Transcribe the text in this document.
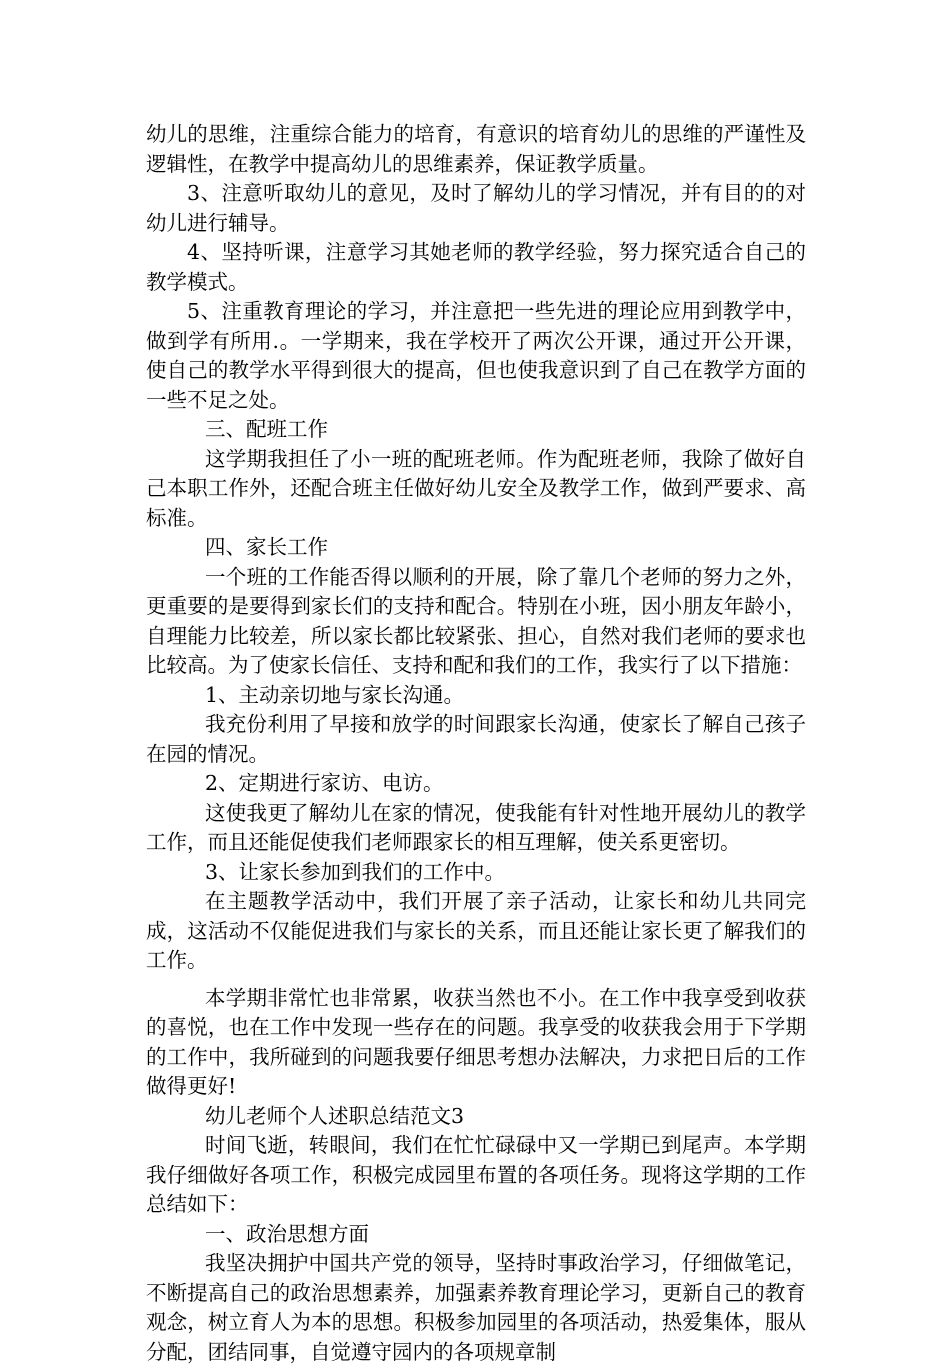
幼儿的思维，注重综合能力的培育，有意识的培育幼儿的思维的严谨性及逻辑性，在教学中提高幼儿的思维素养，保证教学质量。

3、注意听取幼儿的意见，及时了解幼儿的学习情况，并有目的的对幼儿进行辅导。

4、坚持听课，注意学习其她老师的教学经验，努力探究适合自己的教学模式。

5、注重教育理论的学习，并注意把一些先进的理论应用到教学中，做到学有所用.。一学期来，我在学校开了两次公开课，通过开公开课，使自己的教学水平得到很大的提高，但也使我意识到了自己在教学方面的一些不足之处。

三、配班工作

这学期我担任了小一班的配班老师。作为配班老师，我除了做好自己本职工作外，还配合班主任做好幼儿安全及教学工作，做到严要求、高标准。

四、家长工作

一个班的工作能否得以顺利的开展，除了靠几个老师的努力之外，更重要的是要得到家长们的支持和配合。特别在小班，因小朋友年龄小，自理能力比较差，所以家长都比较紧张、担心，自然对我们老师的要求也比较高。为了使家长信任、支持和配和我们的工作，我实行了以下措施：

1、主动亲切地与家长沟通。

我充份利用了早接和放学的时间跟家长沟通，使家长了解自己孩子在园的情况。

2、定期进行家访、电访。

这使我更了解幼儿在家的情况，使我能有针对性地开展幼儿的教学工作，而且还能促使我们老师跟家长的相互理解，使关系更密切。

3、让家长参加到我们的工作中。

在主题教学活动中，我们开展了亲子活动，让家长和幼儿共同完成，这活动不仅能促进我们与家长的关系，而且还能让家长更了解我们的工作。

本学期非常忙也非常累，收获当然也不小。在工作中我享受到收获的喜悦，也在工作中发现一些存在的问题。我享受的收获我会用于下学期的工作中，我所碰到的问题我要仔细思考想办法解决，力求把日后的工作做得更好!

幼儿老师个人述职总结范文3

时间飞逝，转眼间，我们在忙忙碌碌中又一学期已到尾声。本学期我仔细做好各项工作，积极完成园里布置的各项任务。现将这学期的工作总结如下：

一、政治思想方面

我坚决拥护中国共产党的领导，坚持时事政治学习，仔细做笔记，不断提高自己的政治思想素养，加强素养教育理论学习，更新自己的教育观念，树立育人为本的思想。积极参加园里的各项活动，热爱集体，服从分配，团结同事，自觉遵守园内的各项规章制
